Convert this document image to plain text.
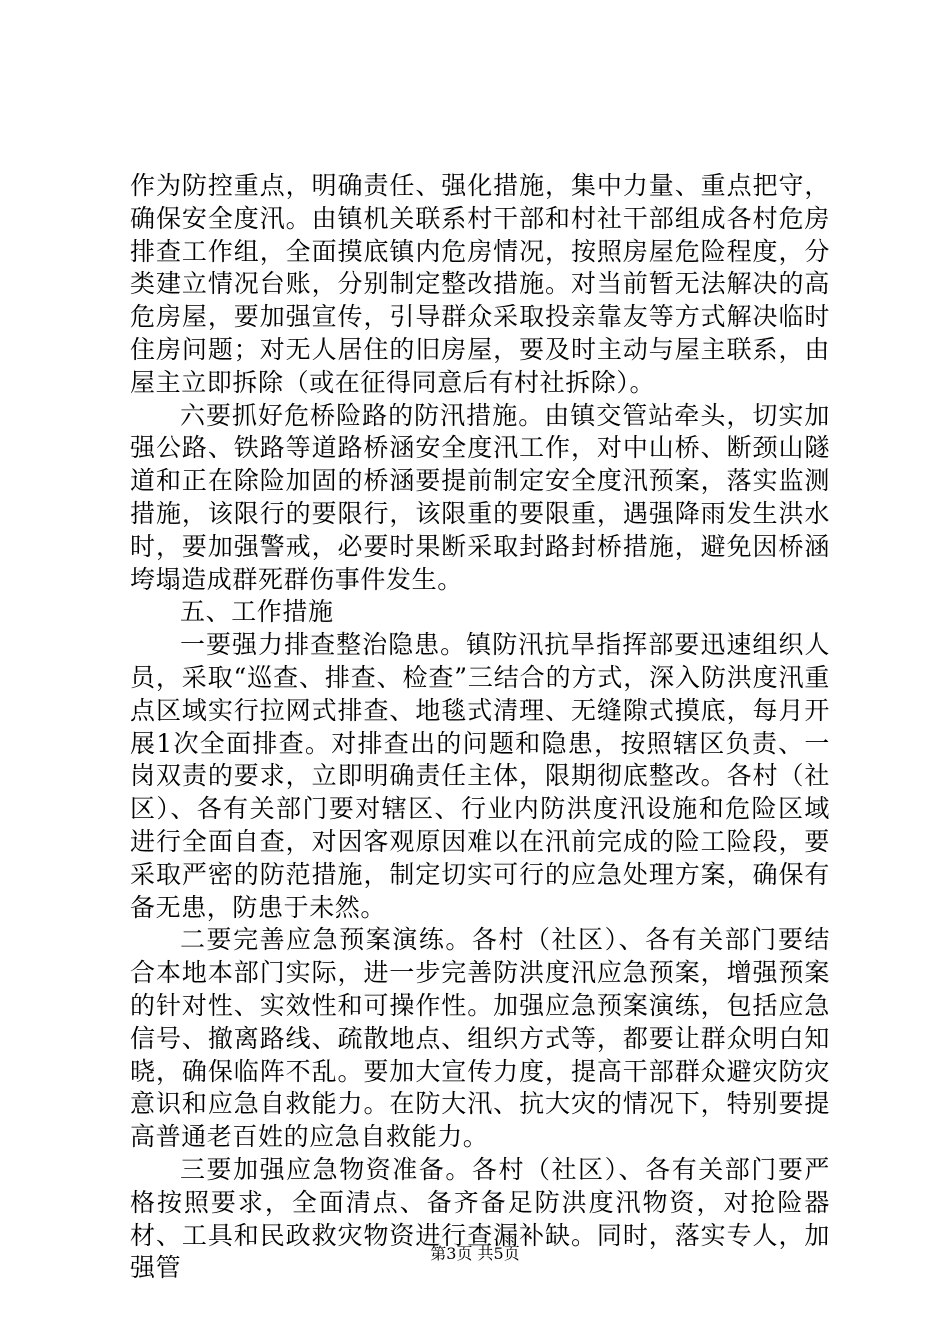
作为防控重点，明确责任、强化措施，集中力量、重点把守，确保安全度汛。由镇机关联系村干部和村社干部组成各村危房排查工作组，全面摸底镇内危房情况，按照房屋危险程度，分类建立情况台账，分别制定整改措施。对当前暂无法解决的高危房屋，要加强宣传，引导群众采取投亲靠友等方式解决临时住房问题；对无人居住的旧房屋，要及时主动与屋主联系，由屋主立即拆除（或在征得同意后有村社拆除）。

六要抓好危桥险路的防汛措施。由镇交管站牵头，切实加强公路、铁路等道路桥涵安全度汛工作，对中山桥、断颈山隧道和正在除险加固的桥涵要提前制定安全度汛预案，落实监测措施，该限行的要限行，该限重的要限重，遇强降雨发生洪水时，要加强警戒，必要时果断采取封路封桥措施，避免因桥涵垮塌造成群死群伤事件发生。

五、工作措施

一要强力排查整治隐患。镇防汛抗旱指挥部要迅速组织人员，采取“巡查、排查、检查”三结合的方式，深入防洪度汛重点区域实行拉网式排查、地毯式清理、无缝隙式摸底，每月开展1次全面排查。对排查出的问题和隐患，按照辖区负责、一岗双责的要求，立即明确责任主体，限期彻底整改。各村（社区）、各有关部门要对辖区、行业内防洪度汛设施和危险区域进行全面自查，对因客观原因难以在汛前完成的险工险段，要采取严密的防范措施，制定切实可行的应急处理方案，确保有备无患，防患于未然。

二要完善应急预案演练。各村（社区）、各有关部门要结合本地本部门实际，进一步完善防洪度汛应急预案，增强预案的针对性、实效性和可操作性。加强应急预案演练，包括应急信号、撤离路线、疏散地点、组织方式等，都要让群众明白知晓，确保临阵不乱。要加大宣传力度，提高干部群众避灾防灾意识和应急自救能力。在防大汛、抗大灾的情况下，特别要提高普通老百姓的应急自救能力。

三要加强应急物资准备。各村（社区）、各有关部门要严格按照要求，全面清点、备齐备足防洪度汛物资，对抢险器材、工具和民政救灾物资进行查漏补缺。同时，落实专人，加强管	第3页 共5页
